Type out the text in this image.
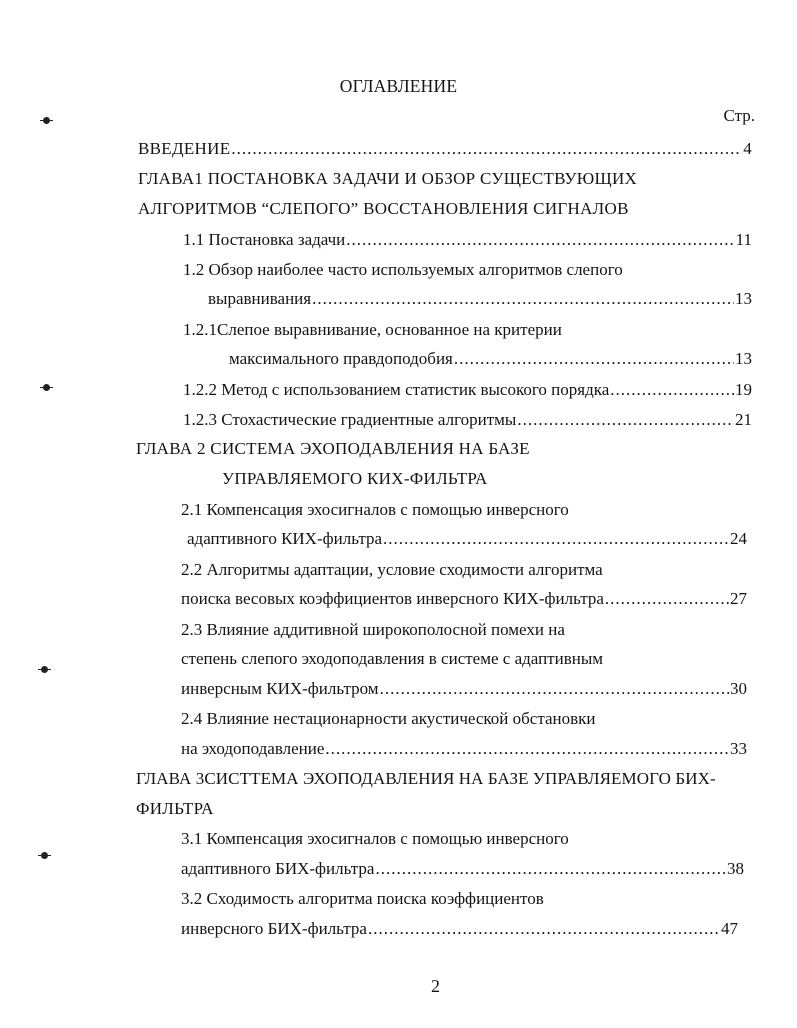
ОГЛАВЛЕНИЕ
Стр.
ВВЕДЕНИЕ .....	4
ГЛАВА1 ПОСТАНОВКА ЗАДАЧИ И ОБЗОР СУЩЕСТВУЮЩИХ
АЛГОРИТМОВ “СЛЕПОГО” ВОССТАНОВЛЕНИЯ СИГНАЛОВ
1.1 Постановка задачи .....	11
1.2 Обзор наиболее часто используемых алгоритмов слепого
выравнивания .....	13
1.2.1Слепое выравнивание, основанное на критерии
максимального правдоподобия .....	13
1.2.2 Метод с использованием статистик высокого порядка .....	19
1.2.3 Стохастические градиентные алгоритмы .....	21
ГЛАВА 2 СИСТЕМА ЭХОПОДАВЛЕНИЯ НА БАЗЕ
УПРАВЛЯЕМОГО КИХ-ФИЛЬТРА
2.1 Компенсация эхосигналов с помощью инверсного
адаптивного КИХ-фильтра .....	24
2.2 Алгоритмы адаптации, условие сходимости алгоритма
поиска весовых коэффициентов инверсного КИХ-фильтра .....	27
2.3 Влияние аддитивной широкополосной помехи на
степень слепого эходоподавления в системе с адаптивным
инверсным КИХ-фильтром .....	30
2.4 Влияние нестационарности акустической обстановки
на эходоподавление .....	33
ГЛАВА 3СИСТТЕМА ЭХОПОДАВЛЕНИЯ НА БАЗЕ УПРАВЛЯЕМОГО БИХ-
ФИЛЬТРА
3.1 Компенсация эхосигналов с помощью инверсного
адаптивного БИХ-фильтра .....	38
3.2 Сходимость алгоритма поиска коэффициентов
инверсного БИХ-фильтра .....	47
2
